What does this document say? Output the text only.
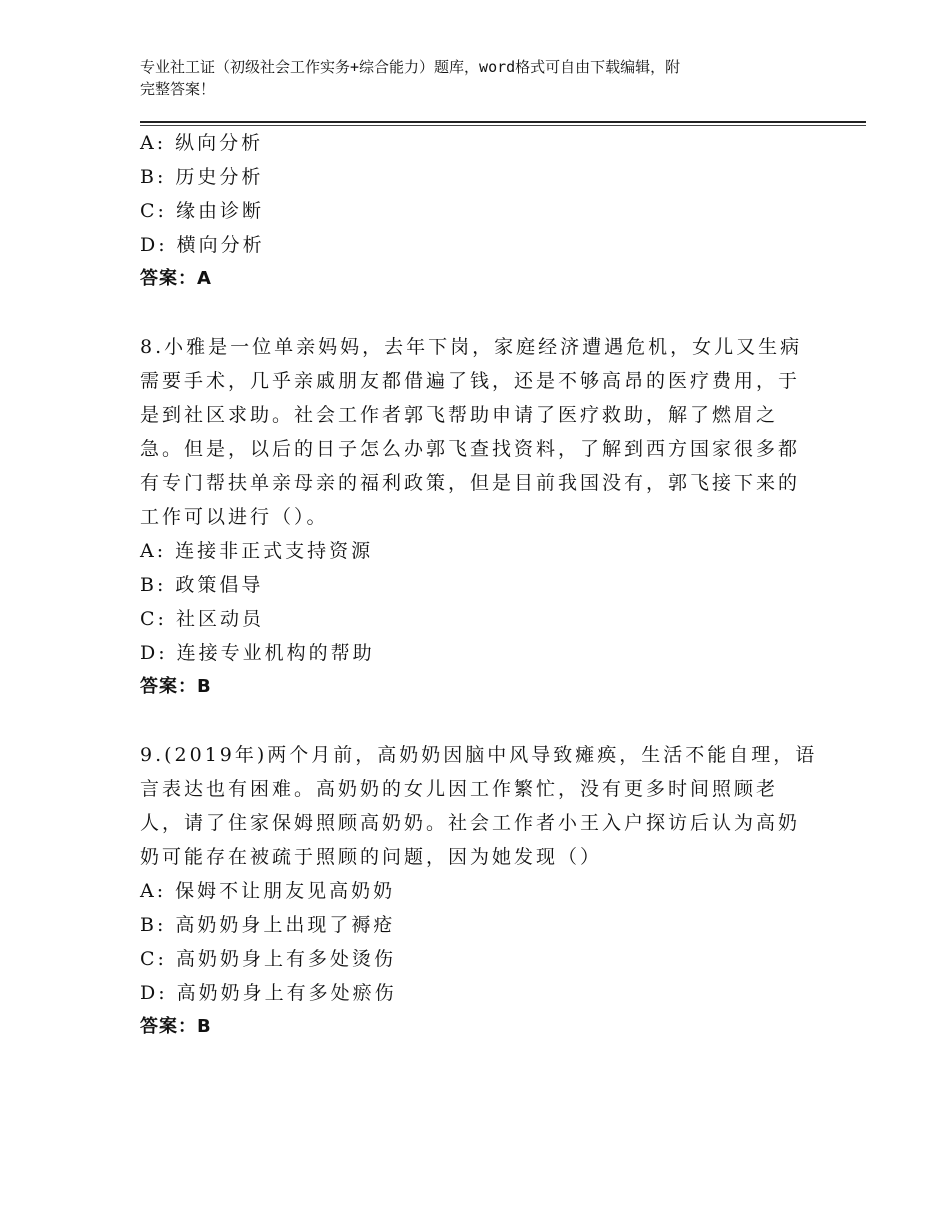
专业社工证（初级社会工作实务+综合能力）题库，word格式可自由下载编辑，附
完整答案！
A: 纵向分析
B: 历史分析
C: 缘由诊断
D: 横向分析
答案：A
8.小雅是一位单亲妈妈，去年下岗，家庭经济遭遇危机，女儿又生病
需要手术，几乎亲戚朋友都借遍了钱，还是不够高昂的医疗费用，于
是到社区求助。社会工作者郭飞帮助申请了医疗救助，解了燃眉之
急。但是，以后的日子怎么办郭飞查找资料，了解到西方国家很多都
有专门帮扶单亲母亲的福利政策，但是目前我国没有，郭飞接下来的
工作可以进行（）。
A: 连接非正式支持资源
B: 政策倡导
C: 社区动员
D: 连接专业机构的帮助
答案：B
9.(2019年)两个月前，高奶奶因脑中风导致瘫痪，生活不能自理，语
言表达也有困难。高奶奶的女儿因工作繁忙，没有更多时间照顾老
人，请了住家保姆照顾高奶奶。社会工作者小王入户探访后认为高奶
奶可能存在被疏于照顾的问题，因为她发现（）
A: 保姆不让朋友见高奶奶
B: 高奶奶身上出现了褥疮
C: 高奶奶身上有多处烫伤
D: 高奶奶身上有多处瘀伤
答案：B
